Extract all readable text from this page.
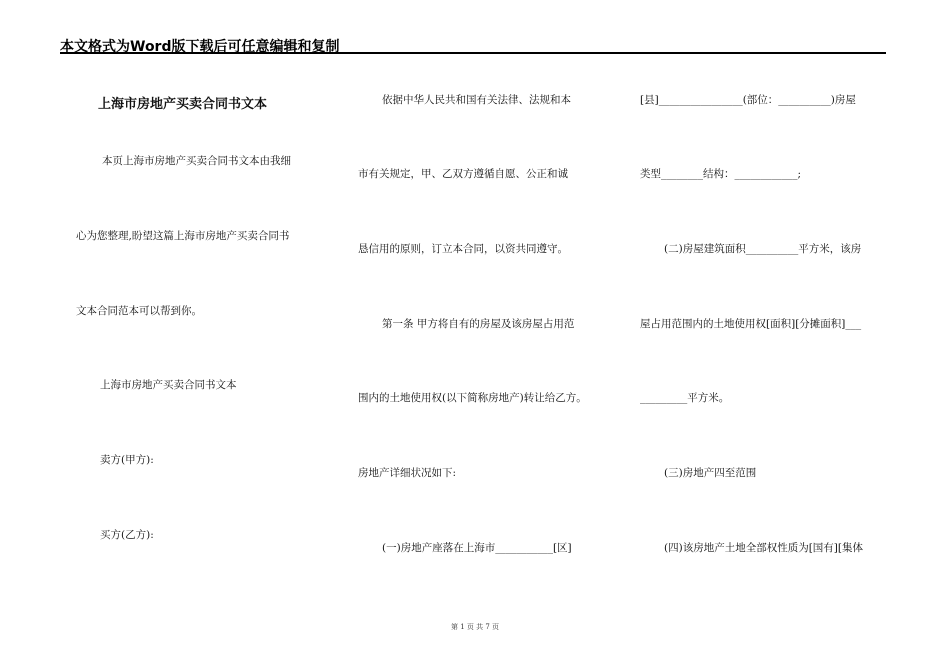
本文格式为Word版下载后可任意编辑和复制
上海市房地产买卖合同书文本
本页上海市房地产买卖合同书文本由我细
心为您整理,盼望这篇上海市房地产买卖合同书
文本合同范本可以帮到你。
上海市房地产买卖合同书文本
卖方(甲方):
买方(乙方):
依据中华人民共和国有关法律、法规和本
市有关规定，甲、乙双方遵循自愿、公正和诚
恳信用的原则，订立本合同，以资共同遵守。
第一条 甲方将自有的房屋及该房屋占用范
围内的土地使用权(以下简称房地产)转让给乙方。
房地产详细状况如下:
(一)房地产座落在上海市___________[区]
[县]________________(部位：__________)房屋
类型________结构：____________;
(二)房屋建筑面积__________平方米，该房
屋占用范围内的土地使用权[面积][分摊面积]___
_________平方米。
(三)房地产四至范围
(四)该房地产土地全部权性质为[国有][集体
第 1 页 共 7 页
